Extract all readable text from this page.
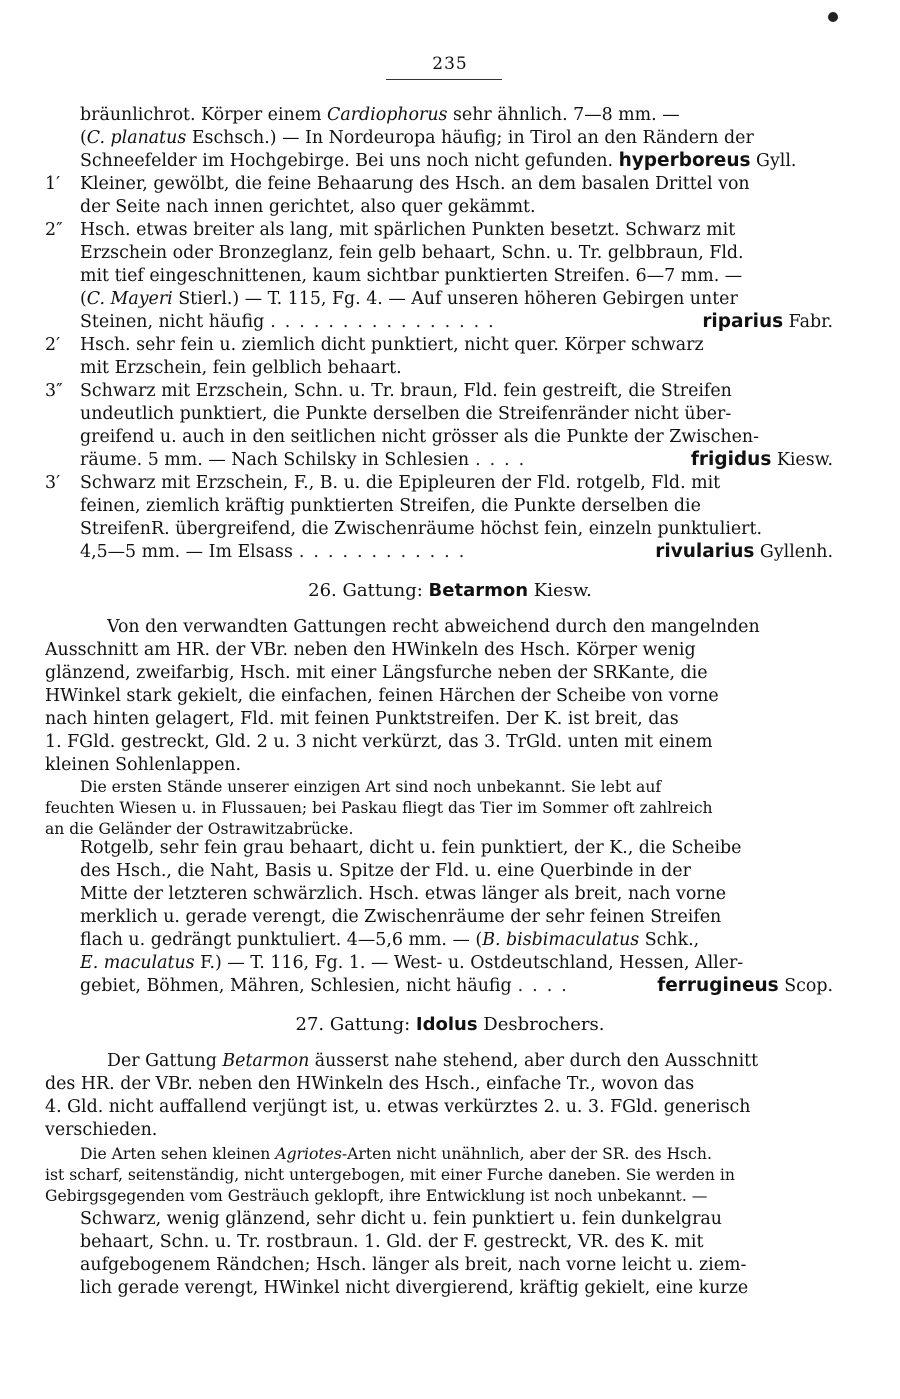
235
bräunlichrot. Körper einem Cardiophorus sehr ähnlich. 7—8 mm. —
(C. planatus Eschsch.) — In Nordeuropa häufig; in Tirol an den Rändern der
Schneefelder im Hochgebirge. Bei uns noch nicht gefunden. hyperboreus Gyll.
1′ Kleiner, gewölbt, die feine Behaarung des Hsch. an dem basalen Drittel von
der Seite nach innen gerichtet, also quer gekämmt.
2″ Hsch. etwas breiter als lang, mit spärlichen Punkten besetzt. Schwarz mit
Erzschein oder Bronzeglanz, fein gelb behaart, Schn. u. Tr. gelbbraun, Fld.
mit tief eingeschnittenen, kaum sichtbar punktierten Streifen. 6—7 mm. —
(C. Mayeri Stierl.) — T. 115, Fg. 4. — Auf unseren höheren Gebirgen unter
Steinen, nicht häufig ................	riparius Fabr.
2′ Hsch. sehr fein u. ziemlich dicht punktiert, nicht quer. Körper schwarz
mit Erzschein, fein gelblich behaart.
3″ Schwarz mit Erzschein, Schn. u. Tr. braun, Fld. fein gestreift, die Streifen
undeutlich punktiert, die Punkte derselben die Streifenränder nicht über-
greifend u. auch in den seitlichen nicht grösser als die Punkte der Zwischen-
räume. 5 mm. — Nach Schilsky in Schlesien ....	frigidus Kiesw.
3′ Schwarz mit Erzschein, F., B. u. die Epipleuren der Fld. rotgelb, Fld. mit
feinen, ziemlich kräftig punktierten Streifen, die Punkte derselben die
StreifenR. übergreifend, die Zwischenräume höchst fein, einzeln punktuliert.
4,5—5 mm. — Im Elsass ............	rivularius Gyllenh.
26. Gattung: Betarmon Kiesw.
Von den verwandten Gattungen recht abweichend durch den mangelnden
Ausschnitt am HR. der VBr. neben den HWinkeln des Hsch. Körper wenig
glänzend, zweifarbig, Hsch. mit einer Längsfurche neben der SRKante, die
HWinkel stark gekielt, die einfachen, feinen Härchen der Scheibe von vorne
nach hinten gelagert, Fld. mit feinen Punktstreifen. Der K. ist breit, das
1. FGld. gestreckt, Gld. 2 u. 3 nicht verkürzt, das 3. TrGld. unten mit einem
kleinen Sohlenlappen.
Die ersten Stände unserer einzigen Art sind noch unbekannt. Sie lebt auf
feuchten Wiesen u. in Flussauen; bei Paskau fliegt das Tier im Sommer oft zahlreich
an die Geländer der Ostrawitzabrücke.
Rotgelb, sehr fein grau behaart, dicht u. fein punktiert, der K., die Scheibe
des Hsch., die Naht, Basis u. Spitze der Fld. u. eine Querbinde in der
Mitte der letzteren schwärzlich. Hsch. etwas länger als breit, nach vorne
merklich u. gerade verengt, die Zwischenräume der sehr feinen Streifen
flach u. gedrängt punktuliert. 4—5,6 mm. — (B. bisbimaculatus Schk.,
E. maculatus F.) — T. 116, Fg. 1. — West- u. Ostdeutschland, Hessen, Aller-
gebiet, Böhmen, Mähren, Schlesien, nicht häufig ....	ferrugineus Scop.
27. Gattung: Idolus Desbrochers.
Der Gattung Betarmon äusserst nahe stehend, aber durch den Ausschnitt
des HR. der VBr. neben den HWinkeln des Hsch., einfache Tr., wovon das
4. Gld. nicht auffallend verjüngt ist, u. etwas verkürztes 2. u. 3. FGld. generisch
verschieden.
Die Arten sehen kleinen Agriotes-Arten nicht unähnlich, aber der SR. des Hsch.
ist scharf, seitenständig, nicht untergebogen, mit einer Furche daneben. Sie werden in
Gebirgsgegenden vom Gesträuch geklopft, ihre Entwicklung ist noch unbekannt. —
Schwarz, wenig glänzend, sehr dicht u. fein punktiert u. fein dunkelgrau
behaart, Schn. u. Tr. rostbraun. 1. Gld. der F. gestreckt, VR. des K. mit
aufgebogenem Rändchen; Hsch. länger als breit, nach vorne leicht u. ziem-
lich gerade verengt, HWinkel nicht divergierend, kräftig gekielt, eine kurze
